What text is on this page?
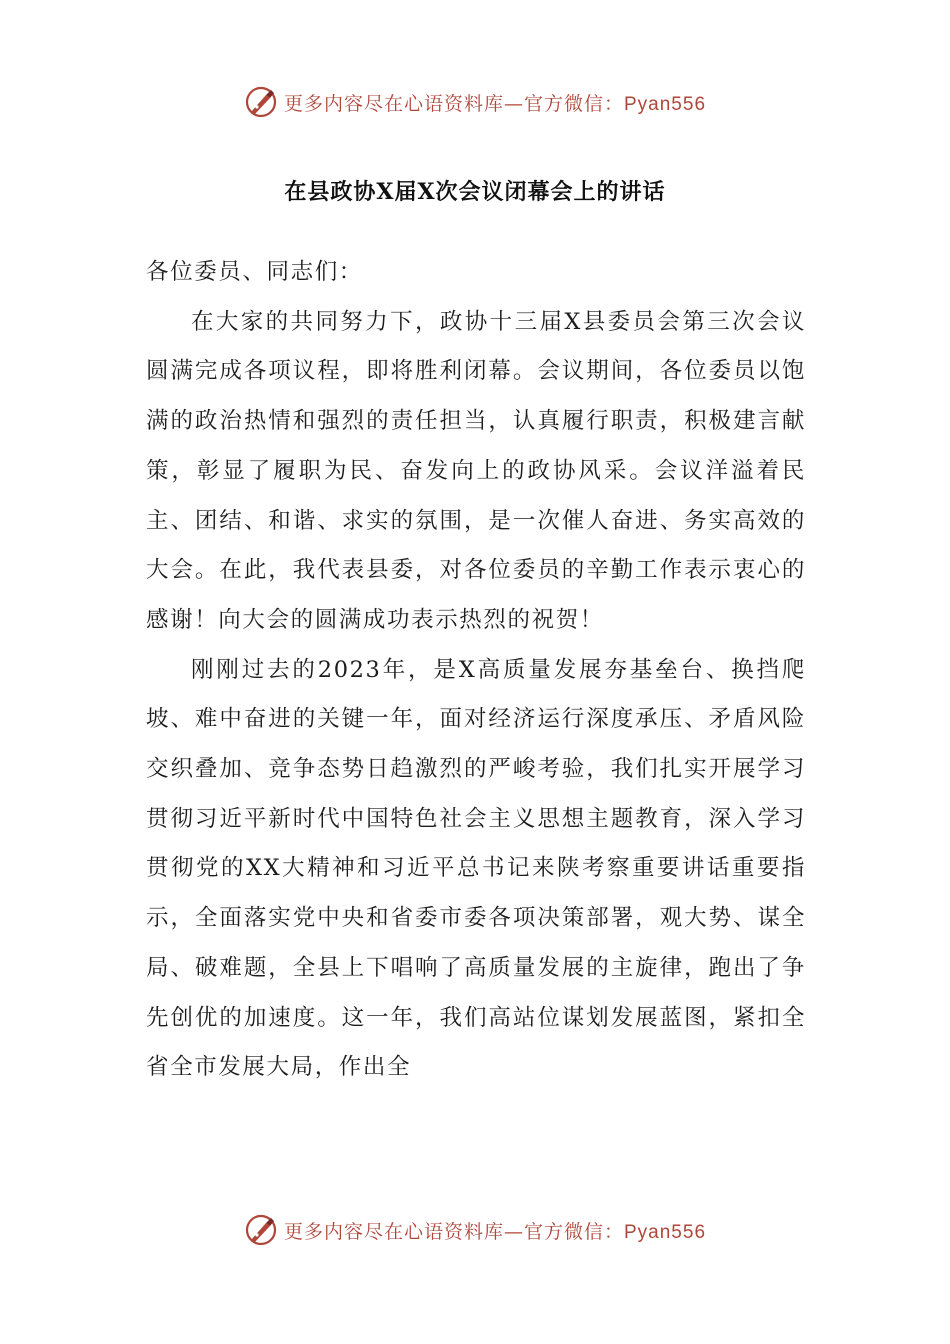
更多内容尽在心语资料库—官方微信：Pyan556
在县政协X届X次会议闭幕会上的讲话

各位委员、同志们：

在大家的共同努力下，政协十三届X县委员会第三次会议圆满完成各项议程，即将胜利闭幕。会议期间，各位委员以饱满的政治热情和强烈的责任担当，认真履行职责，积极建言献策，彰显了履职为民、奋发向上的政协风采。会议洋溢着民主、团结、和谐、求实的氛围，是一次催人奋进、务实高效的大会。在此，我代表县委，对各位委员的辛勤工作表示衷心的感谢！向大会的圆满成功表示热烈的祝贺！

刚刚过去的2023年，是X高质量发展夯基垒台、换挡爬坡、难中奋进的关键一年，面对经济运行深度承压、矛盾风险交织叠加、竞争态势日趋激烈的严峻考验，我们扎实开展学习贯彻习近平新时代中国特色社会主义思想主题教育，深入学习贯彻党的XX大精神和习近平总书记来陕考察重要讲话重要指示，全面落实党中央和省委市委各项决策部署，观大势、谋全局、破难题，全县上下唱响了高质量发展的主旋律，跑出了争先创优的加速度。这一年，我们高站位谋划发展蓝图，紧扣全省全市发展大局，作出全

更多内容尽在心语资料库—官方微信：Pyan556
